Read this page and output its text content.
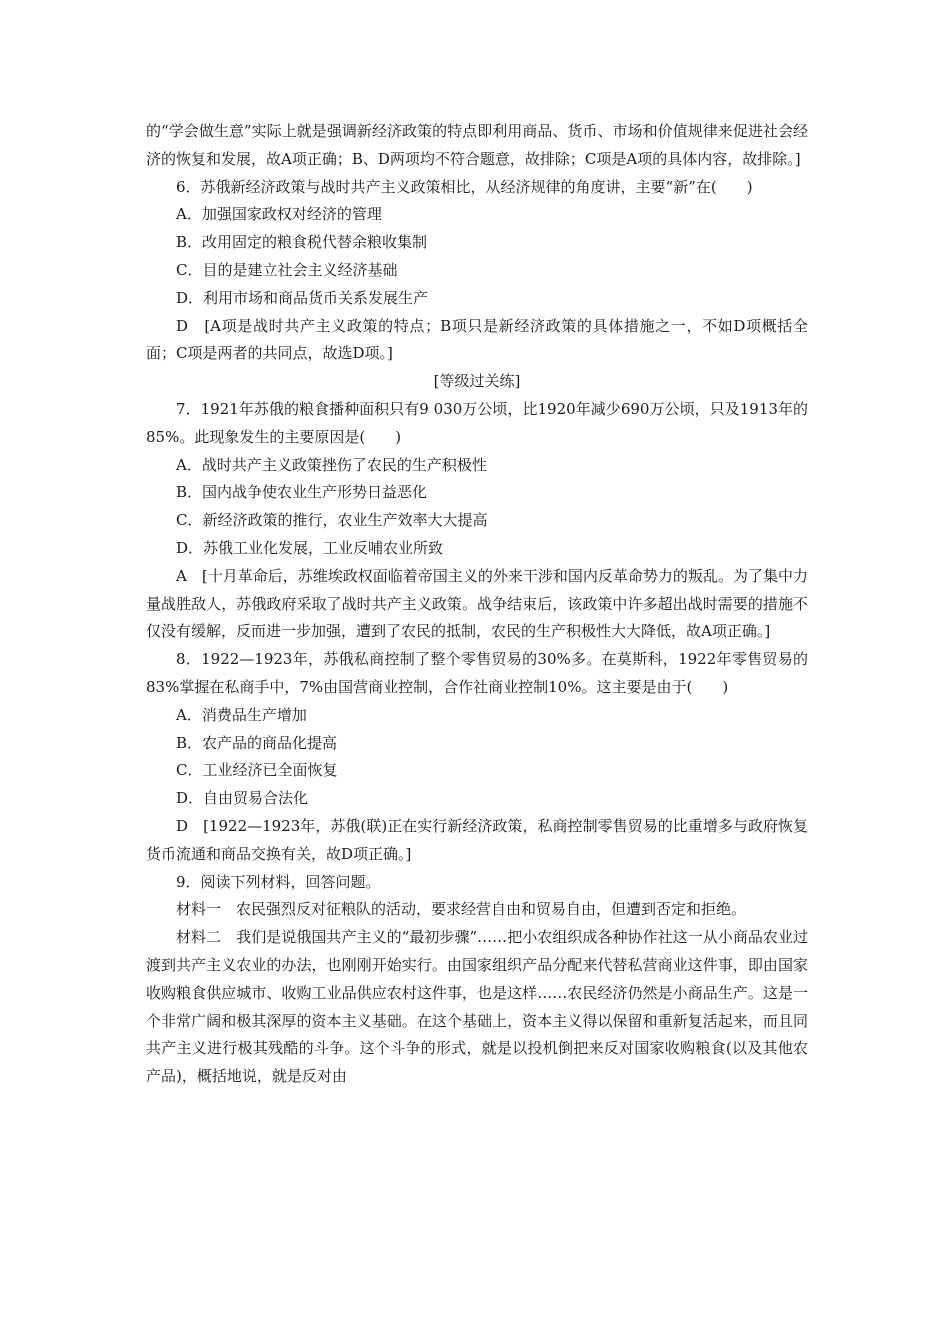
的“学会做生意”实际上就是强调新经济政策的特点即利用商品、货币、市场和价值规律来促进社会经济的恢复和发展，故A项正确；B、D两项均不符合题意，故排除；C项是A项的具体内容，故排除。]

6．苏俄新经济政策与战时共产主义政策相比，从经济规律的角度讲，主要“新”在(　　)

A．加强国家政权对经济的管理

B．改用固定的粮食税代替余粮收集制

C．目的是建立社会主义经济基础

D．利用市场和商品货币关系发展生产

D　[A项是战时共产主义政策的特点；B项只是新经济政策的具体措施之一，不如D项概括全面；C项是两者的共同点，故选D项。]

[等级过关练]

7．1921年苏俄的粮食播种面积只有9 030万公顷，比1920年减少690万公顷，只及1913年的85%。此现象发生的主要原因是(　　)

A．战时共产主义政策挫伤了农民的生产积极性

B．国内战争使农业生产形势日益恶化

C．新经济政策的推行，农业生产效率大大提高

D．苏俄工业化发展，工业反哺农业所致

A　[十月革命后，苏维埃政权面临着帝国主义的外来干涉和国内反革命势力的叛乱。为了集中力量战胜敌人，苏俄政府采取了战时共产主义政策。战争结束后，该政策中许多超出战时需要的措施不仅没有缓解，反而进一步加强，遭到了农民的抵制，农民的生产积极性大大降低，故A项正确。]

8．1922—1923年，苏俄私商控制了整个零售贸易的30%多。在莫斯科，1922年零售贸易的83%掌握在私商手中，7%由国营商业控制，合作社商业控制10%。这主要是由于(　　)

A．消费品生产增加

B．农产品的商品化提高

C．工业经济已全面恢复

D．自由贸易合法化

D　[1922—1923年，苏俄(联)正在实行新经济政策，私商控制零售贸易的比重增多与政府恢复货币流通和商品交换有关，故D项正确。]

9．阅读下列材料，回答问题。

材料一　农民强烈反对征粮队的活动，要求经营自由和贸易自由，但遭到否定和拒绝。

材料二　我们是说俄国共产主义的“最初步骤”……把小农组织成各种协作社这一从小商品农业过渡到共产主义农业的办法，也刚刚开始实行。由国家组织产品分配来代替私营商业这件事，即由国家收购粮食供应城市、收购工业品供应农村这件事，也是这样……农民经济仍然是小商品生产。这是一个非常广阔和极其深厚的资本主义基础。在这个基础上，资本主义得以保留和重新复活起来，而且同共产主义进行极其残酷的斗争。这个斗争的形式，就是以投机倒把来反对国家收购粮食(以及其他农产品)，概括地说，就是反对由
